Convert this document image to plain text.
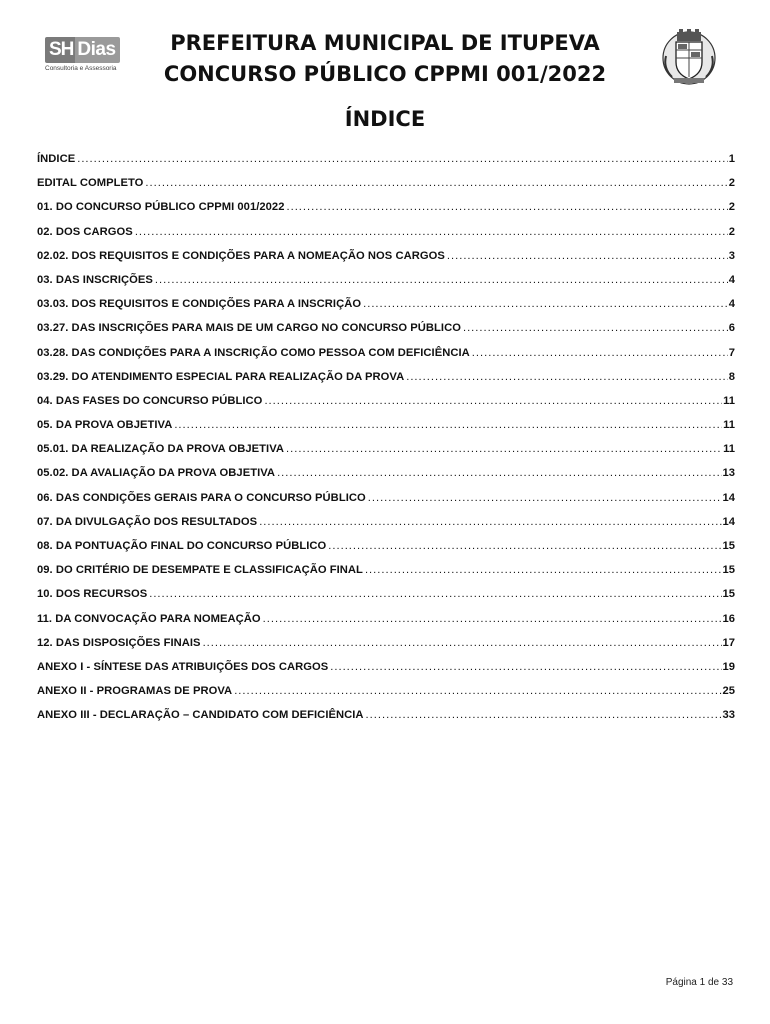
SH Dias
Consultoria e Assessoria
PREFEITURA MUNICIPAL DE ITUPEVA
CONCURSO PÚBLICO CPPMI 001/2022
ÍNDICE
ÍNDICE .....	1
EDITAL COMPLETO .....	2
01. DO CONCURSO PÚBLICO CPPMI 001/2022 .....	2
02. DOS CARGOS .....	2
02.02. DOS REQUISITOS E CONDIÇÕES PARA A NOMEAÇÃO NOS CARGOS .....	3
03. DAS INSCRIÇÕES .....	4
03.03. DOS REQUISITOS E CONDIÇÕES PARA A INSCRIÇÃO .....	4
03.27. DAS INSCRIÇÕES PARA MAIS DE UM CARGO NO CONCURSO PÚBLICO .....	6
03.28. DAS CONDIÇÕES PARA A INSCRIÇÃO COMO PESSOA COM DEFICIÊNCIA .....	7
03.29. DO ATENDIMENTO ESPECIAL PARA REALIZAÇÃO DA PROVA .....	8
04. DAS FASES DO CONCURSO PÚBLICO .....	11
05. DA PROVA OBJETIVA .....	11
05.01. DA REALIZAÇÃO DA PROVA OBJETIVA .....	11
05.02. DA AVALIAÇÃO DA PROVA OBJETIVA .....	13
06. DAS CONDIÇÕES GERAIS PARA O CONCURSO PÚBLICO .....	14
07. DA DIVULGAÇÃO DOS RESULTADOS .....	14
08. DA PONTUAÇÃO FINAL DO CONCURSO PÚBLICO .....	15
09. DO CRITÉRIO DE DESEMPATE E CLASSIFICAÇÃO FINAL .....	15
10. DOS RECURSOS .....	15
11. DA CONVOCAÇÃO PARA NOMEAÇÃO .....	16
12. DAS DISPOSIÇÕES FINAIS .....	17
ANEXO I - SÍNTESE DAS ATRIBUIÇÕES DOS CARGOS .....	19
ANEXO II - PROGRAMAS DE PROVA .....	25
ANEXO III - DECLARAÇÃO – CANDIDATO COM DEFICIÊNCIA .....	33
Página 1 de 33
